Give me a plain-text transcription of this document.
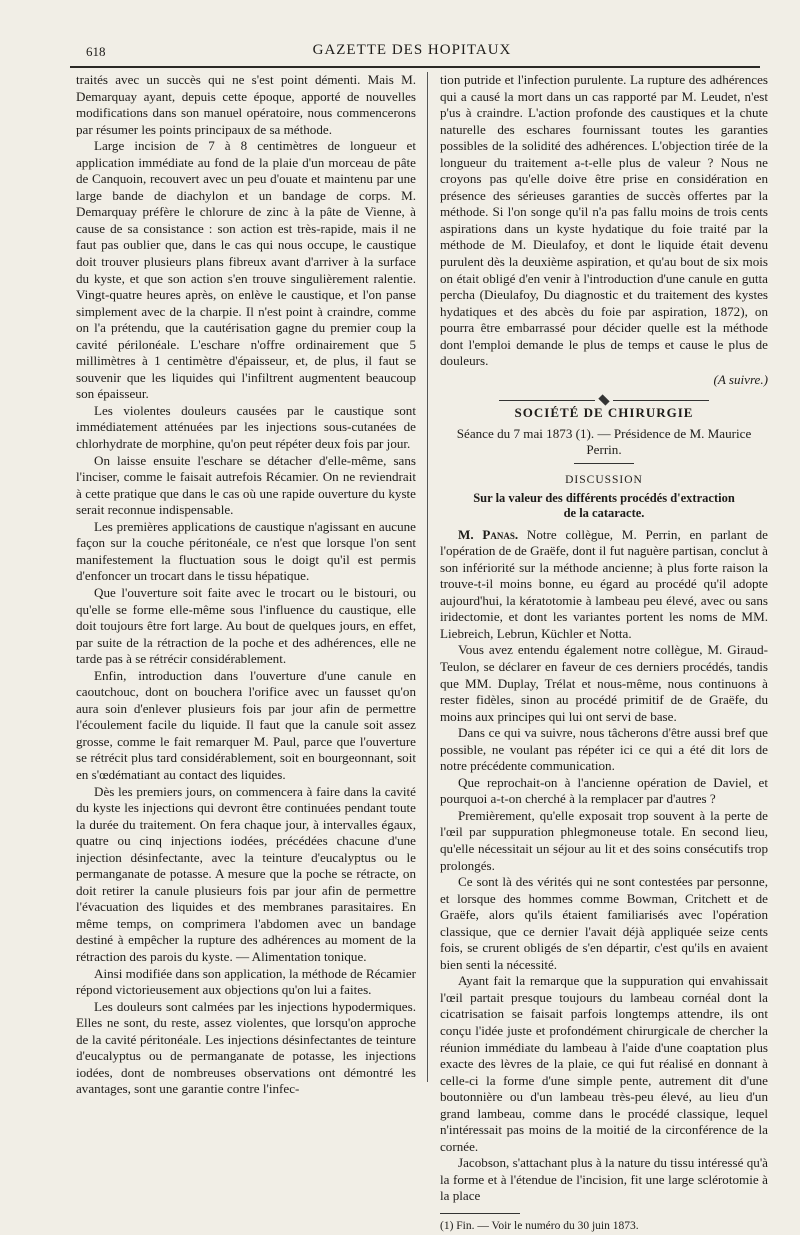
618	GAZETTE DES HOPITAUX

traités avec un succès qui ne s'est point démenti. Mais M. Demarquay ayant, depuis cette époque, apporté de nouvelles modifications dans son manuel opératoire, nous commencerons par résumer les points principaux de sa méthode.

Large incision de 7 à 8 centimètres de longueur et application immédiate au fond de la plaie d'un morceau de pâte de Canquoin, recouvert avec un peu d'ouate et maintenu par une large bande de diachylon et un bandage de corps. M. Demarquay préfère le chlorure de zinc à la pâte de Vienne, à cause de sa consistance : son action est très-rapide, mais il ne faut pas oublier que, dans le cas qui nous occupe, le caustique doit trouver plusieurs plans fibreux avant d'arriver à la surface du kyste, et que son action s'en trouve singulièrement ralentie. Vingt-quatre heures après, on enlève le caustique, et l'on panse simplement avec de la charpie. Il n'est point à craindre, comme on l'a prétendu, que la cautérisation gagne du premier coup la cavité périlonéale. L'eschare n'offre ordinairement que 5 millimètres à 1 centimètre d'épaisseur, et, de plus, il faut se souvenir que les liquides qui l'infiltrent augmentent beaucoup son épaisseur.

Les violentes douleurs causées par le caustique sont immédiatement atténuées par les injections sous-cutanées de chlorhydrate de morphine, qu'on peut répéter deux fois par jour.

On laisse ensuite l'eschare se détacher d'elle-même, sans l'inciser, comme le faisait autrefois Récamier. On ne reviendrait à cette pratique que dans le cas où une rapide ouverture du kyste serait reconnue indispensable.

Les premières applications de caustique n'agissant en aucune façon sur la couche péritonéale, ce n'est que lorsque l'on sent manifestement la fluctuation sous le doigt qu'il est permis d'enfoncer un trocart dans le tissu hépatique.

Que l'ouverture soit faite avec le trocart ou le bistouri, ou qu'elle se forme elle-même sous l'influence du caustique, elle doit toujours être fort large. Au bout de quelques jours, en effet, par suite de la rétraction de la poche et des adhérences, elle ne tarde pas à se rétrécir considérablement.

Enfin, introduction dans l'ouverture d'une canule en caoutchouc, dont on bouchera l'orifice avec un fausset qu'on aura soin d'enlever plusieurs fois par jour afin de permettre l'écoulement facile du liquide. Il faut que la canule soit assez grosse, comme le fait remarquer M. Paul, parce que l'ouverture se rétrécit plus tard considérablement, soit en bourgeonnant, soit en s'œdématiant au contact des liquides.

Dès les premiers jours, on commencera à faire dans la cavité du kyste les injections qui devront être continuées pendant toute la durée du traitement. On fera chaque jour, à intervalles égaux, quatre ou cinq injections iodées, précédées chacune d'une injection désinfectante, avec la teinture d'eucalyptus ou le permanganate de potasse. A mesure que la poche se rétracte, on doit retirer la canule plusieurs fois par jour afin de permettre l'évacuation des liquides et des membranes parasitaires. En même temps, on comprimera l'abdomen avec un bandage destiné à empêcher la rupture des adhérences au moment de la rétraction des parois du kyste. — Alimentation tonique.

Ainsi modifiée dans son application, la méthode de Récamier répond victorieusement aux objections qu'on lui a faites.

Les douleurs sont calmées par les injections hypodermiques. Elles ne sont, du reste, assez violentes, que lorsqu'on approche de la cavité péritonéale. Les injections désinfectantes de teinture d'eucalyptus ou de permanganate de potasse, les injections iodées, dont de nombreuses observations ont démontré les avantages, sont une garantie contre l'infec-

tion putride et l'infection purulente. La rupture des adhérences qui a causé la mort dans un cas rapporté par M. Leudet, n'est p'us à craindre. L'action profonde des caustiques et la chute naturelle des eschares fournissant toutes les garanties possibles de la solidité des adhérences. L'objection tirée de la longueur du traitement a-t-elle plus de valeur ? Nous ne croyons pas qu'elle doive être prise en considération en présence des sérieuses garanties de succès offertes par la méthode. Si l'on songe qu'il n'a pas fallu moins de trois cents aspirations dans un kyste hydatique du foie traité par la méthode de M. Dieulafoy, et dont le liquide était devenu purulent dès la deuxième aspiration, et qu'au bout de six mois on était obligé d'en venir à l'introduction d'une canule en gutta percha (Dieulafoy, Du diagnostic et du traitement des kystes hydatiques et des abcès du foie par aspiration, 1872), on pourra être embarrassé pour décider quelle est la méthode dont l'emploi demande le plus de temps et cause le plus de douleurs.

(A suivre.)
SOCIÉTÉ DE CHIRURGIE
Séance du 7 mai 1873 (1). — Présidence de M. Maurice Perrin.
DISCUSSION
Sur la valeur des différents procédés d'extraction
de la cataracte.

M. Panas. Notre collègue, M. Perrin, en parlant de l'opération de de Graëfe, dont il fut naguère partisan, conclut à son infériorité sur la méthode ancienne; à plus forte raison la trouve-t-il moins bonne, eu égard au procédé qu'il adopte aujourd'hui, la kératotomie à lambeau peu élevé, avec ou sans iridectomie, et dont les variantes portent les noms de MM. Liebreich, Lebrun, Küchler et Notta.

Vous avez entendu également notre collègue, M. Giraud-Teulon, se déclarer en faveur de ces derniers procédés, tandis que MM. Duplay, Trélat et nous-même, nous continuons à rester fidèles, sinon au procédé primitif de de Graëfe, du moins aux principes qui lui ont servi de base.

Dans ce qui va suivre, nous tâcherons d'être aussi bref que possible, ne voulant pas répéter ici ce qui a été dit lors de notre précédente communication.

Que reprochait-on à l'ancienne opération de Daviel, et pourquoi a-t-on cherché à la remplacer par d'autres ?

Premièrement, qu'elle exposait trop souvent à la perte de l'œil par suppuration phlegmoneuse totale. En second lieu, qu'elle nécessitait un séjour au lit et des soins consécutifs trop prolongés.

Ce sont là des vérités qui ne sont contestées par personne, et lorsque des hommes comme Bowman, Critchett et de Graëfe, alors qu'ils étaient familiarisés avec l'opération classique, que ce dernier l'avait déjà appliquée seize cents fois, se crurent obligés de s'en départir, c'est qu'ils en avaient bien senti la nécessité.

Ayant fait la remarque que la suppuration qui envahissait l'œil partait presque toujours du lambeau cornéal dont la cicatrisation se faisait parfois longtemps attendre, ils ont conçu l'idée juste et profondément chirurgicale de chercher la réunion immédiate du lambeau à l'aide d'une coaptation plus exacte des lèvres de la plaie, ce qui fut réalisé en donnant à celle-ci la forme d'une simple pente, autrement dit d'une boutonnière ou d'un lambeau très-peu élevé, au lieu d'un grand lambeau, comme dans le procédé classique, lequel n'intéressait pas moins de la moitié de la circonférence de la cornée.

Jacobson, s'attachant plus à la nature du tissu intéressé qu'à la forme et à l'étendue de l'incision, fit une large sclérotomie à la place

(1) Fin. — Voir le numéro du 30 juin 1873.
